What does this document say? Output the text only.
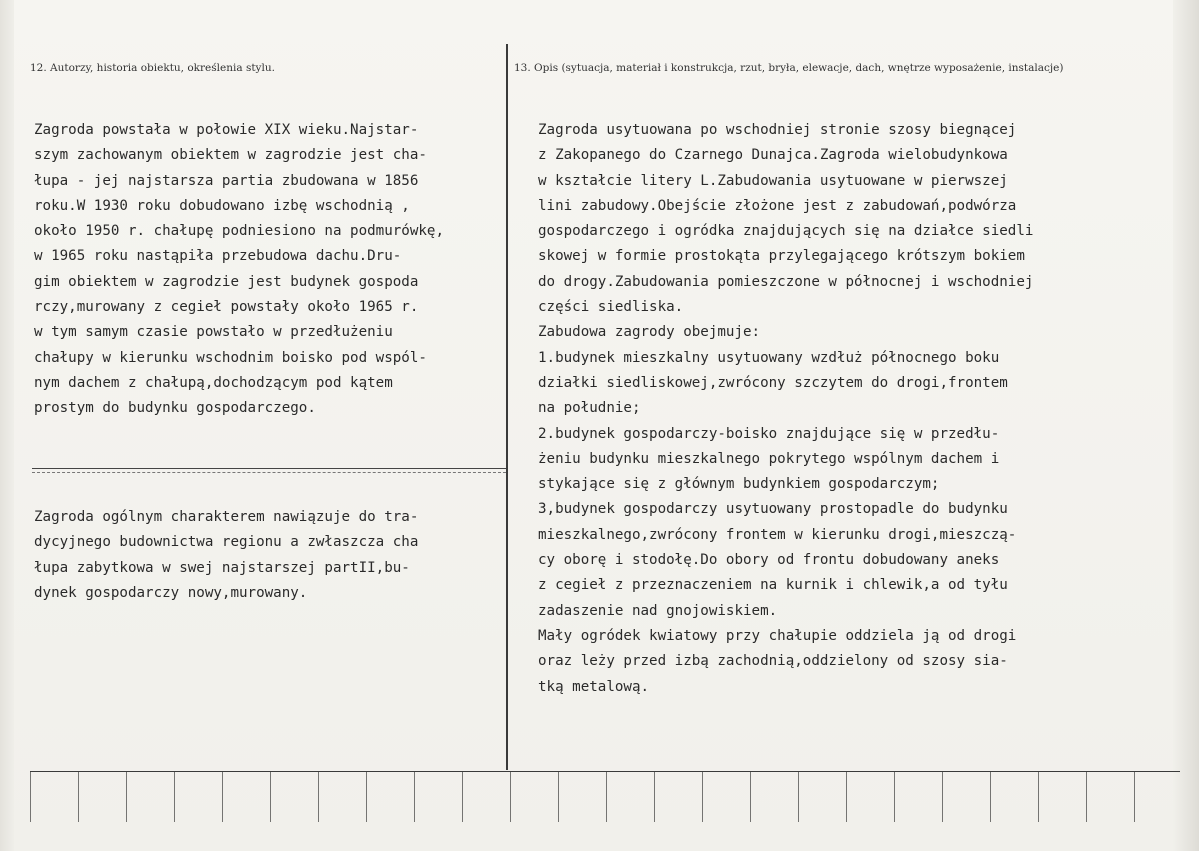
12. Autorzy, historia obiektu, określenia stylu.	13. Opis (sytuacja, materiał i konstrukcja, rzut, bryła, elewacje, dach, wnętrze wyposażenie, instalacje)
Zagroda powstała w połowie XIX wieku.Najstar-
szym zachowanym obiektem w zagrodzie jest cha-
łupa - jej najstarsza partia zbudowana w 1856
roku.W 1930 roku dobudowano izbę wschodnią ,
około 1950 r. chałupę podniesiono na podmurówkę,
w 1965 roku nastąpiła przebudowa dachu.Dru-
gim obiektem w zagrodzie jest budynek gospoda
rczy,murowany z cegieł powstały około 1965 r.
w tym samym czasie powstało w przedłużeniu
chałupy w kierunku wschodnim boisko pod wspól-
nym dachem z chałupą,dochodzącym pod kątem
prostym do budynku gospodarczego.
Zagroda ogólnym charakterem nawiązuje do tra-
dycyjnego budownictwa regionu a zwłaszcza cha
łupa zabytkowa w swej najstarszej partII,bu-
dynek gospodarczy nowy,murowany.
Zagroda usytuowana po wschodniej stronie szosy biegnącej
z Zakopanego do Czarnego Dunajca.Zagroda wielobudynkowa
w kształcie litery L.Zabudowania usytuowane w pierwszej
lini zabudowy.Obejście złożone jest z zabudowań,podwórza
gospodarczego i ogródka znajdujących się na działce siedli
skowej w formie prostokąta przylegającego krótszym bokiem
do drogy.Zabudowania pomieszczone w północnej i wschodniej
części siedliska.
Zabudowa zagrody obejmuje:
1.budynek mieszkalny usytuowany wzdłuż północnego boku
działki siedliskowej,zwrócony szczytem do drogi,frontem
na południe;
2.budynek gospodarczy-boisko znajdujące się w przedłu-
żeniu budynku mieszkalnego pokrytego wspólnym dachem i
stykające się z głównym budynkiem gospodarczym;
3,budynek gospodarczy usytuowany prostopadle do budynku
mieszkalnego,zwrócony frontem w kierunku drogi,mieszczą-
cy oborę i stodołę.Do obory od frontu dobudowany aneks
z cegieł z przeznaczeniem na kurnik i chlewik,a od tyłu
zadaszenie nad gnojowiskiem.
Mały ogródek kwiatowy przy chałupie oddziela ją od drogi
oraz leży przed izbą zachodnią,oddzielony od szosy sia-
tką metalową.
